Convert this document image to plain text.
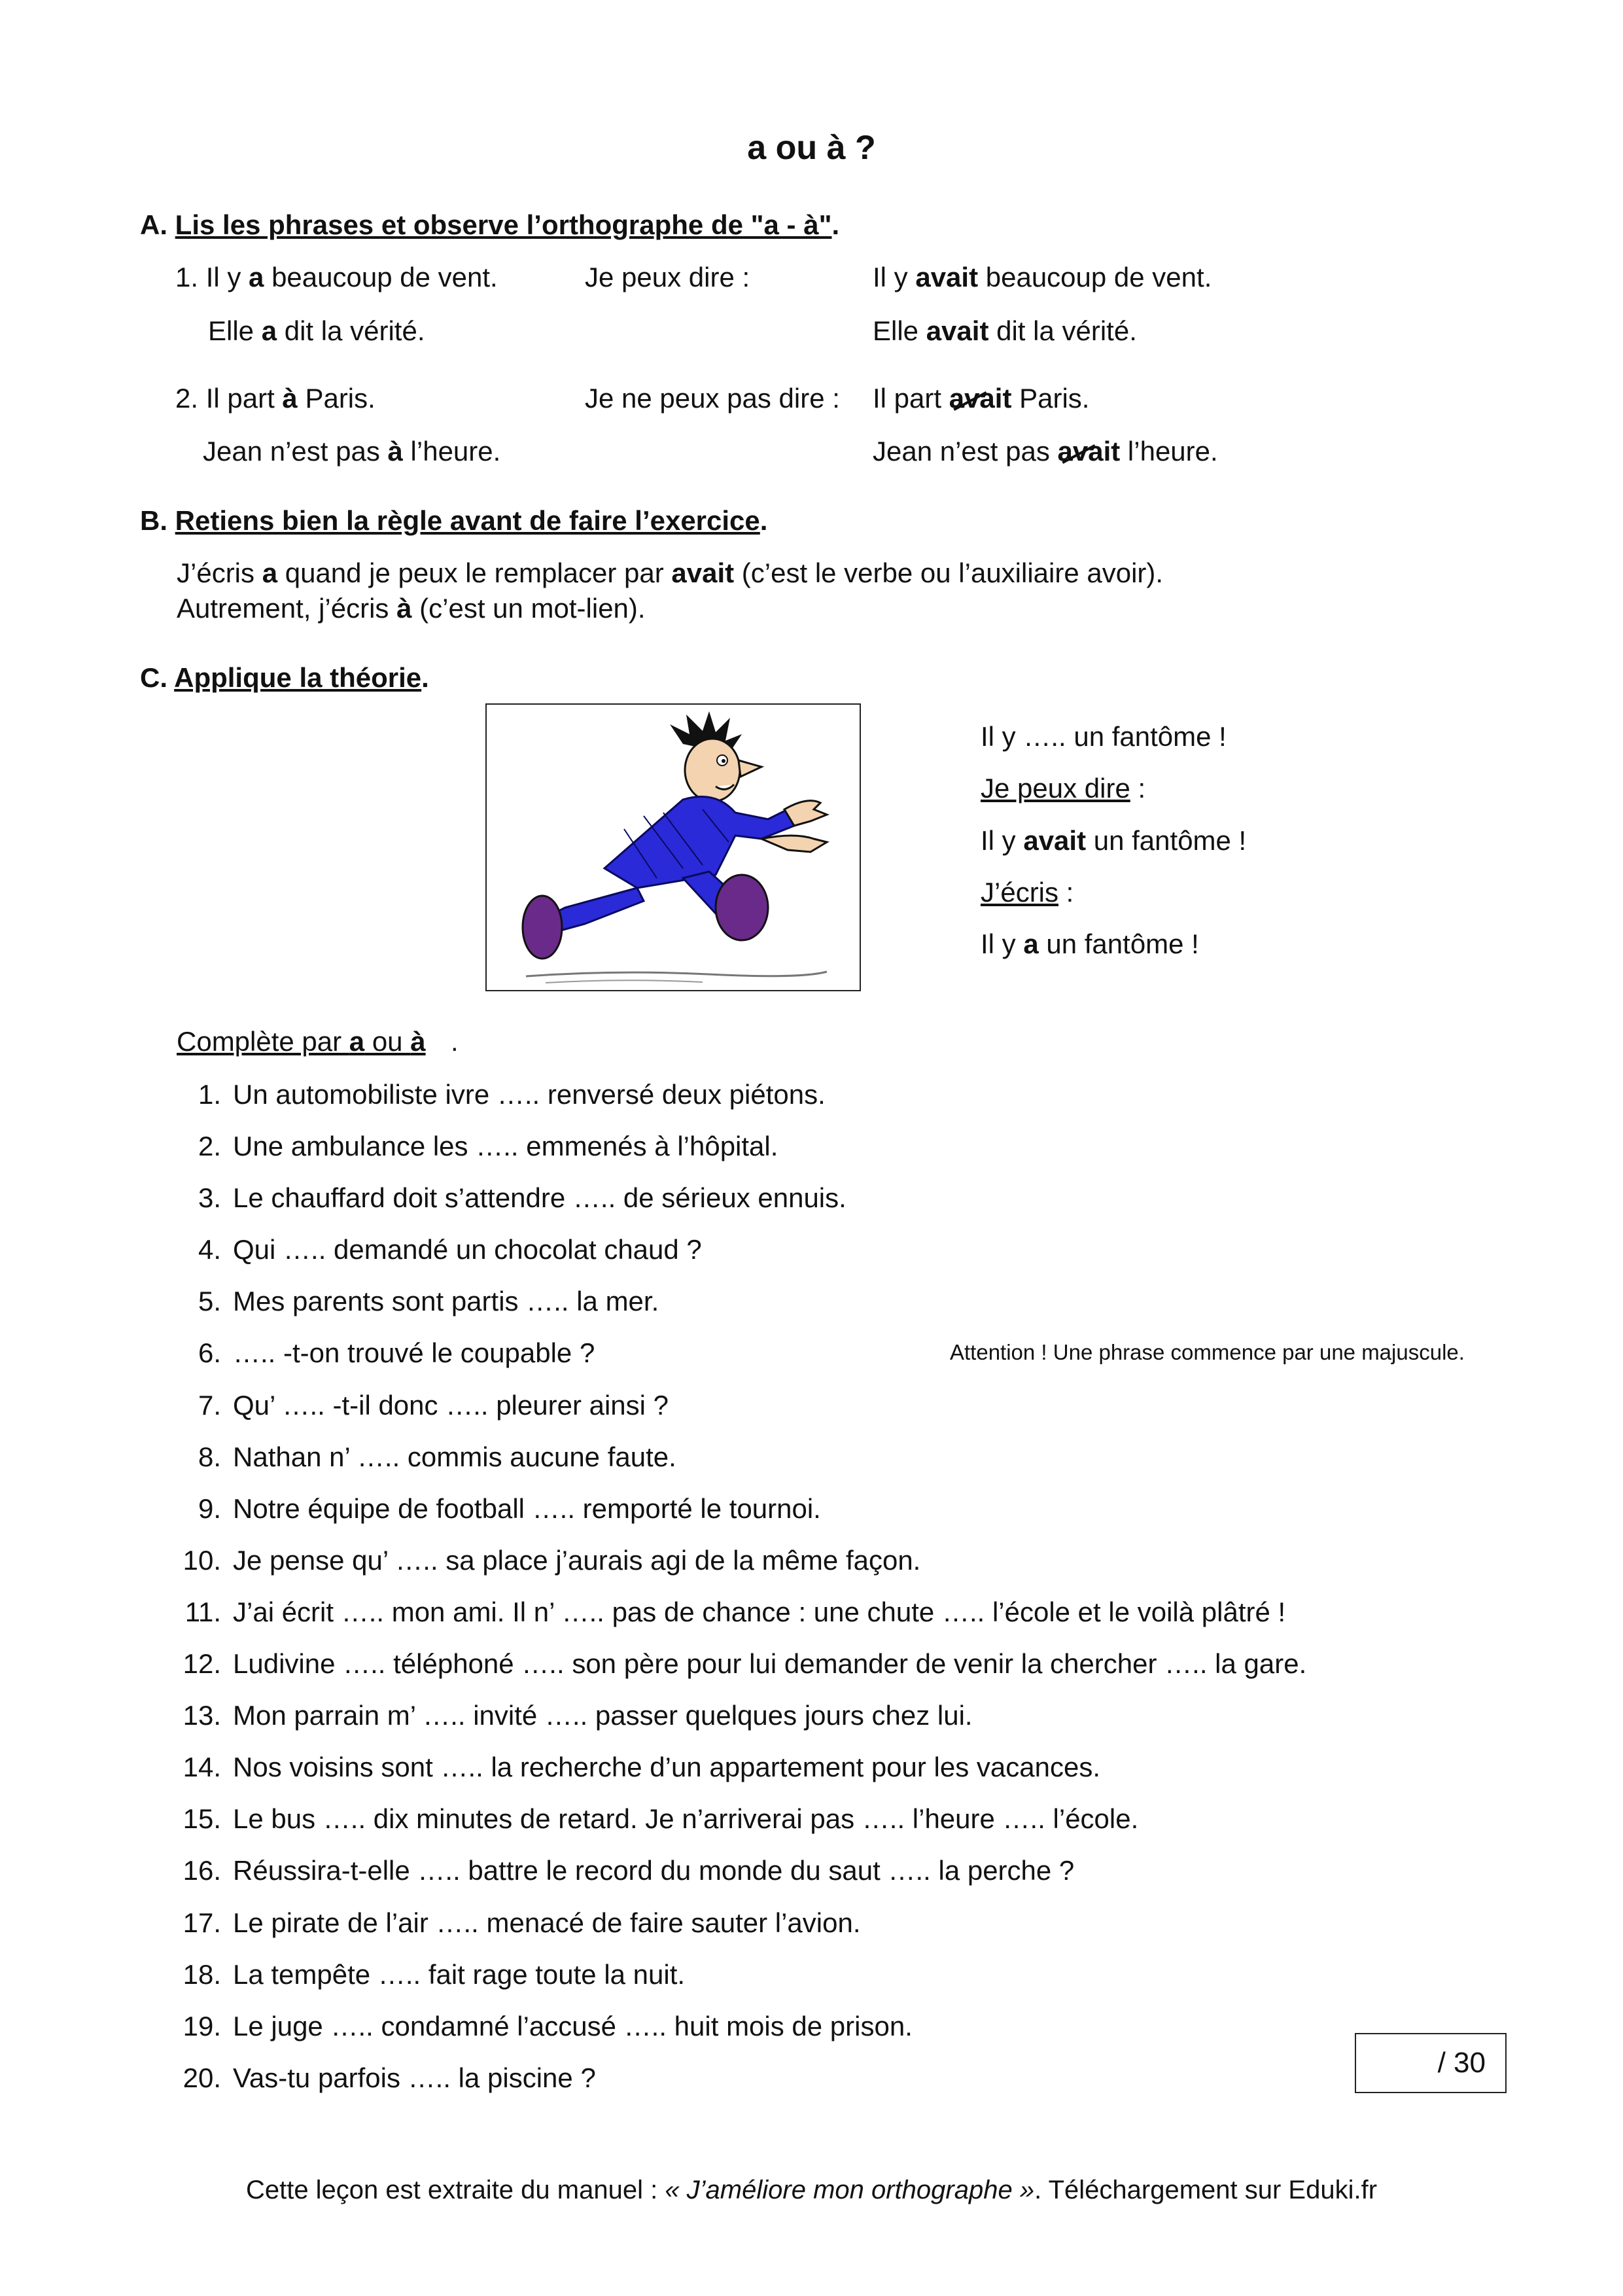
a ou à ?
A. Lis les phrases et observe l’orthographe de "a - à".
1. Il y a beaucoup de vent.	Je peux dire :	Il y avait beaucoup de vent.
Elle a dit la vérité.	Elle avait dit la vérité.
2. Il part à Paris.	Je ne peux pas dire : Il part avait Paris.
Jean n’est pas à l’heure.	Jean n’est pas avait l’heure.
B. Retiens bien la règle avant de faire l’exercice.
J’écris a quand je peux le remplacer par avait (c’est le verbe ou l’auxiliaire avoir).
Autrement, j’écris à (c’est un mot-lien).
C. Applique la théorie.
Il y ….. un fantôme !
Je peux dire :
Il y avait un fantôme !
J’écris :
Il y a un fantôme !
Complète par a ou à .
1. Un automobiliste ivre ….. renversé deux piétons.
2. Une ambulance les ….. emmenés à l’hôpital.
3. Le chauffard doit s’attendre ….. de sérieux ennuis.
4. Qui ….. demandé un chocolat chaud ?
5. Mes parents sont partis ….. la mer.
6. ….. -t-on trouvé le coupable ?
7. Qu’ ….. -t-il donc ….. pleurer ainsi ?
8. Nathan n’ ….. commis aucune faute.
9. Notre équipe de football ….. remporté le tournoi.
10. Je pense qu’ ….. sa place j’aurais agi de la même façon.
11. J’ai écrit ….. mon ami. Il n’ ….. pas de chance : une chute ….. l’école et le voilà plâtré !
12. Ludivine ….. téléphoné ….. son père pour lui demander de venir la chercher ….. la gare.
13. Mon parrain m’ ….. invité ….. passer quelques jours chez lui.
14. Nos voisins sont ….. la recherche d’un appartement pour les vacances.
15. Le bus ….. dix minutes de retard. Je n’arriverai pas ….. l’heure ….. l’école.
16. Réussira-t-elle ….. battre le record du monde du saut ….. la perche ?
17. Le pirate de l’air ….. menacé de faire sauter l’avion.
18. La tempête ….. fait rage toute la nuit.
19. Le juge ….. condamné l’accusé ….. huit mois de prison.
20. Vas-tu parfois ….. la piscine ?
Attention ! Une phrase commence par une majuscule.
/ 30
Cette leçon est extraite du manuel : « J’améliore mon orthographe ». Téléchargement sur Eduki.fr
